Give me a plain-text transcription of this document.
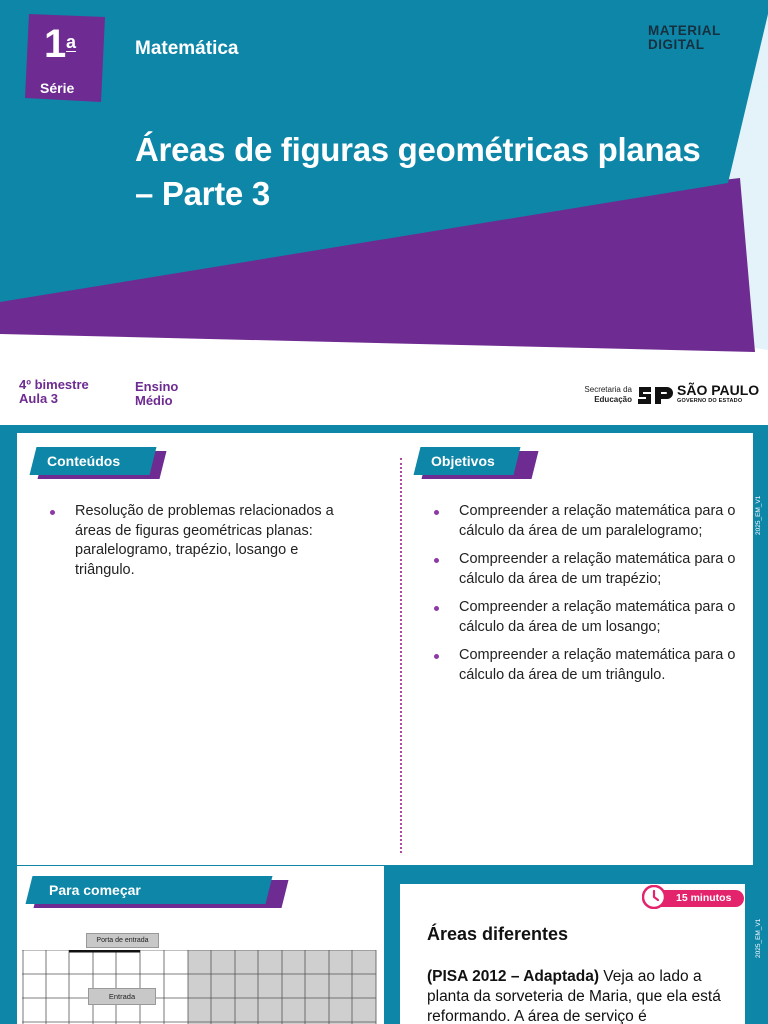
1 a
Série
Matemática
MATERIAL
DIGITAL
Áreas de figuras geométricas planas – Parte 3
4º bimestre
Aula 3
Ensino
Médio
Secretaria da
Educação
SÃO PAULO
GOVERNO DO ESTADO
Conteúdos
Resolução de problemas relacionados a áreas de figuras geométricas planas: paralelogramo, trapézio, losango e triângulo.
Objetivos
Compreender a relação matemática para o cálculo da área de um paralelogramo;
Compreender a relação matemática para o cálculo da área de um trapézio;
Compreender a relação matemática para o cálculo da área de um losango;
Compreender a relação matemática para o cálculo da área de um triângulo.
2025_EM_V1
Para começar
Porta de entrada
Entrada
2025_EM_V1
15 minutos
Áreas diferentes
(PISA 2012 – Adaptada) Veja ao lado a planta da sorveteria de Maria, que ela está reformando. A área de serviço é
